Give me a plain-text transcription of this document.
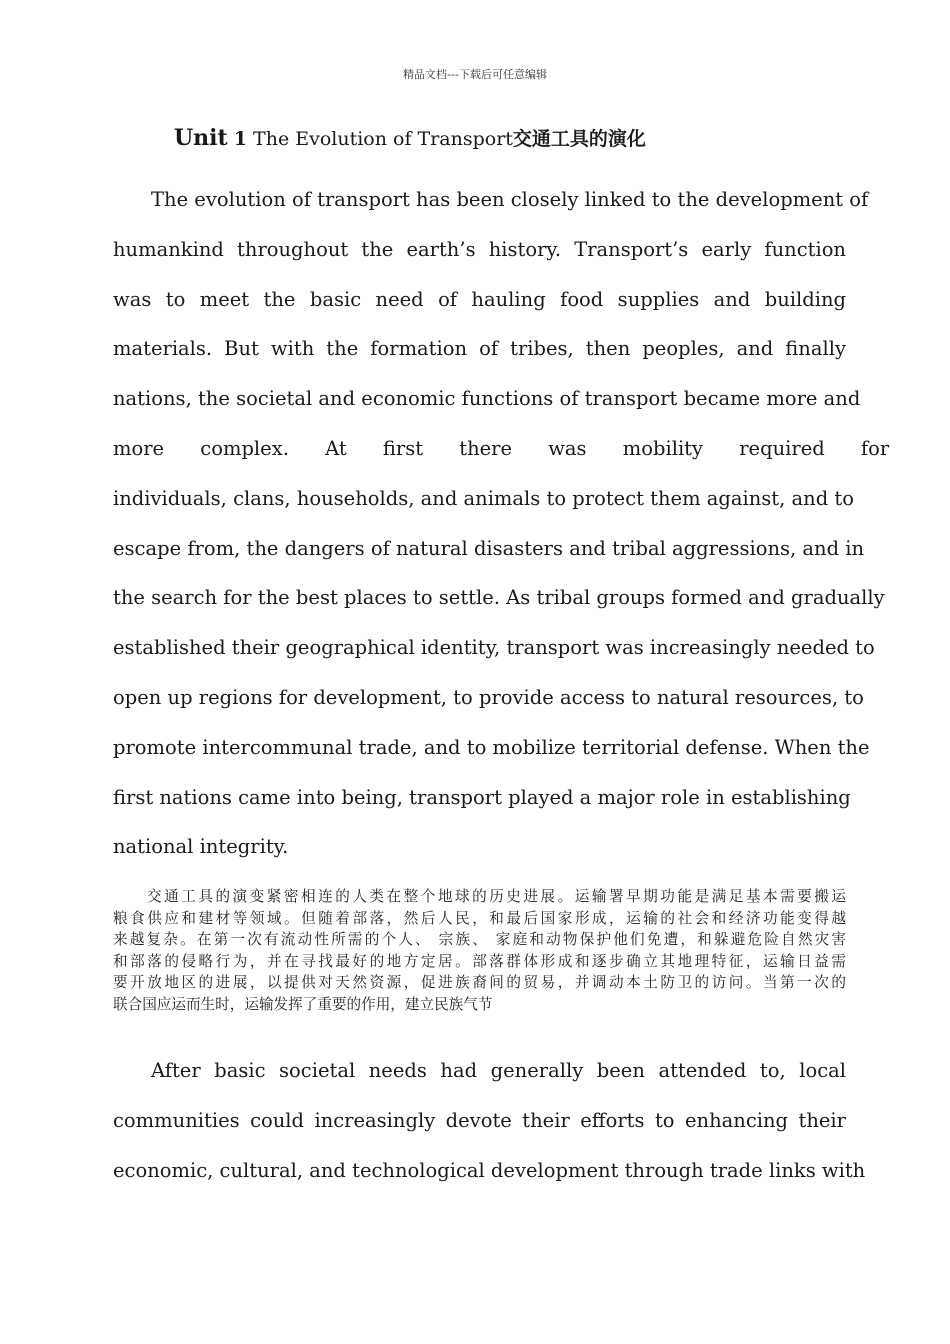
精品文档---下载后可任意编辑
Unit 1 The Evolution of Transport交通工具的演化
The evolution of transport has been closely linked to the development of
humankind throughout the earth’s history. Transport’s early function
was to meet the basic need of hauling food supplies and building
materials. But with the formation of tribes, then peoples, and finally
nations, the societal and economic functions of transport became more and
more complex. At first there was mobility required for
individuals, clans, households, and animals to protect them against, and to
escape from, the dangers of natural disasters and tribal aggressions, and in
the search for the best places to settle. As tribal groups formed and gradually
established their geographical identity, transport was increasingly needed to
open up regions for development, to provide access to natural resources, to
promote intercommunal trade, and to mobilize territorial defense. When the
first nations came into being, transport played a major role in establishing
national integrity.
交通工具的演变紧密相连的人类在整个地球的历史进展。运输署早期功能是满足基本需要搬运
粮食供应和建材等领域。但随着部落，然后人民，和最后国家形成，运输的社会和经济功能变得越
来越复杂。在第一次有流动性所需的个人、 宗族、 家庭和动物保护他们免遭，和躲避危险自然灾害
和部落的侵略行为，并在寻找最好的地方定居。部落群体形成和逐步确立其地理特征，运输日益需
要开放地区的进展，以提供对天然资源，促进族裔间的贸易，并调动本土防卫的访问。当第一次的
联合国应运而生时，运输发挥了重要的作用，建立民族气节
After basic societal needs had generally been attended to, local
communities could increasingly devote their efforts to enhancing their
economic, cultural, and technological development through trade links with
